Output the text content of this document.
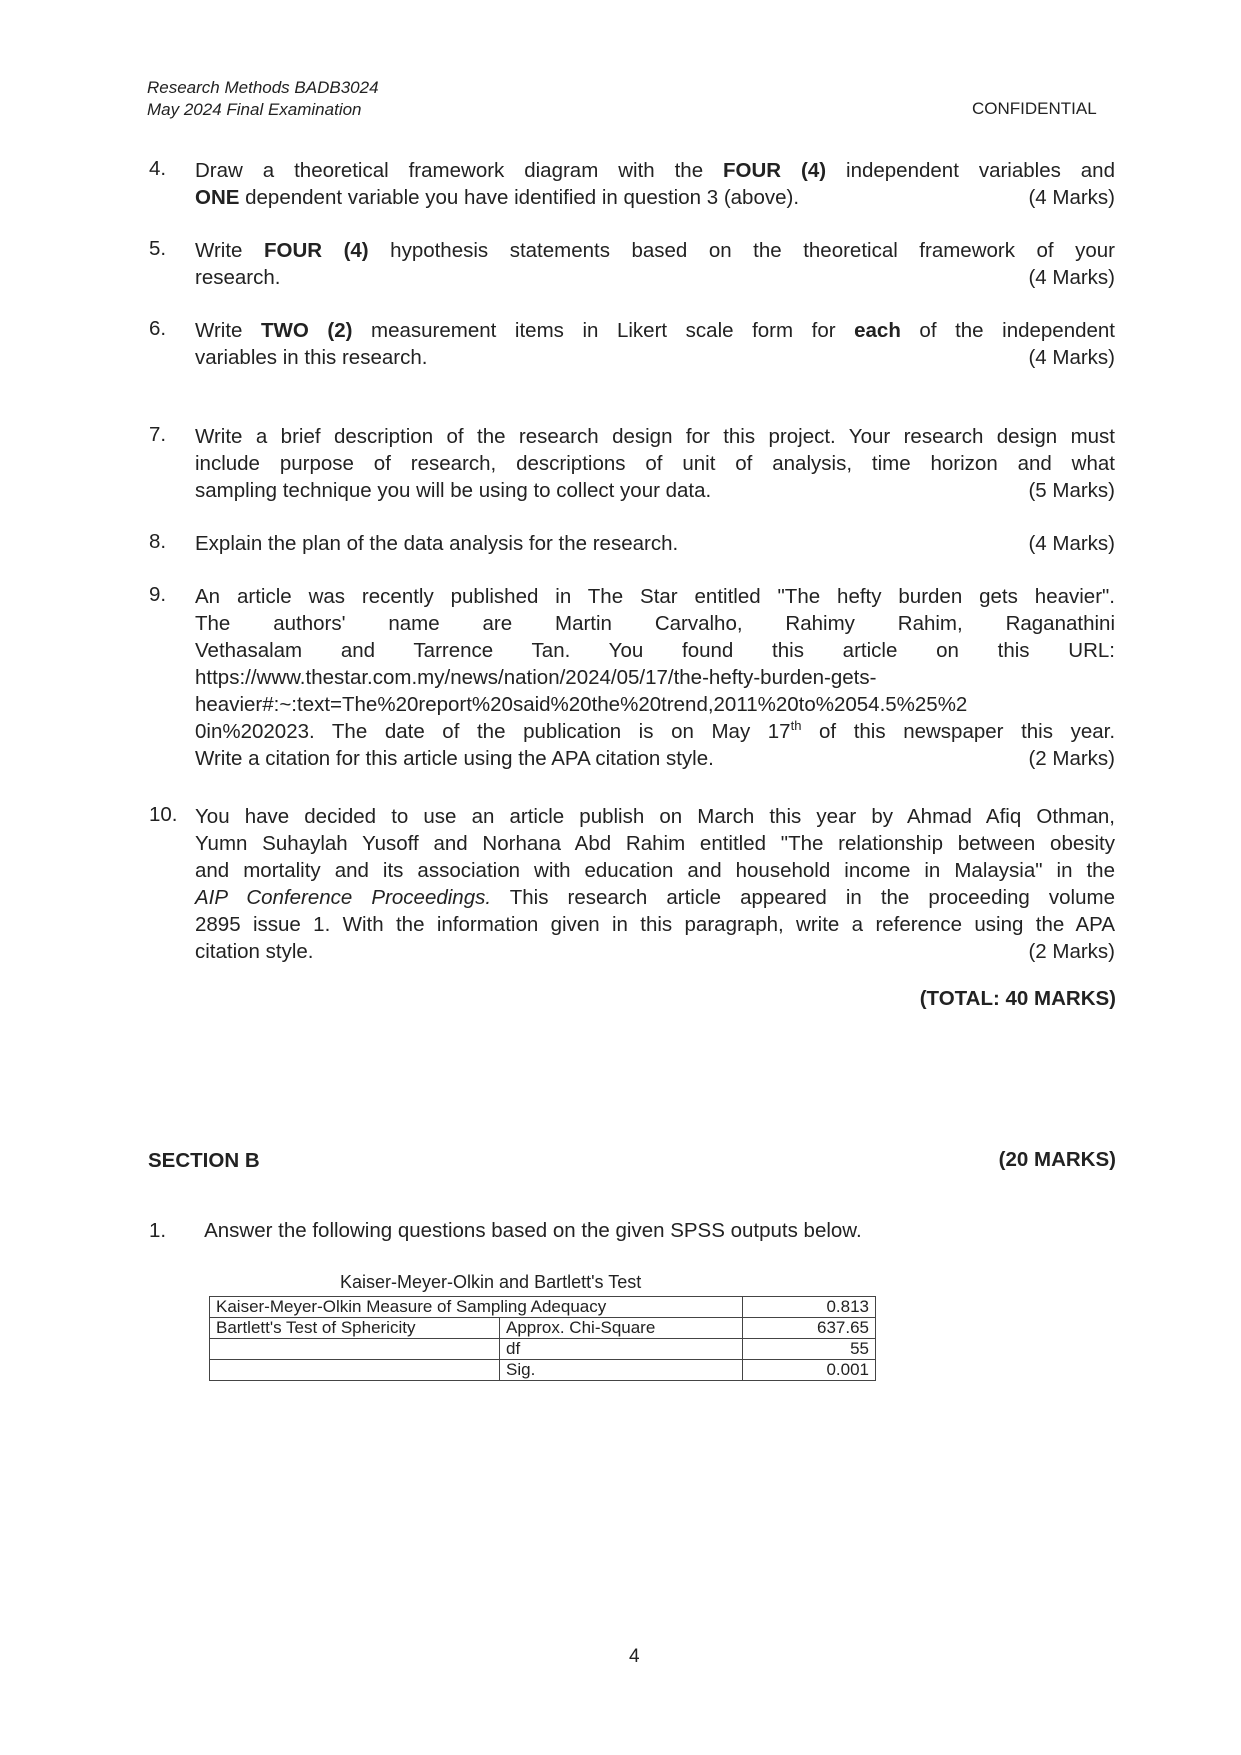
Research Methods BADB3024
May 2024 Final Examination	CONFIDENTIAL
4. Draw a theoretical framework diagram with the FOUR (4) independent variables and
ONE dependent variable you have identified in question 3 (above).	(4 Marks)
5. Write FOUR (4) hypothesis statements based on the theoretical framework of your
research.	(4 Marks)
6. Write TWO (2) measurement items in Likert scale form for each of the independent
variables in this research.	(4 Marks)
7. Write a brief description of the research design for this project. Your research design must
include purpose of research, descriptions of unit of analysis, time horizon and what
sampling technique you will be using to collect your data.	(5 Marks)
8. Explain the plan of the data analysis for the research.	(4 Marks)
9. An article was recently published in The Star entitled "The hefty burden gets heavier".
The authors' name are Martin Carvalho, Rahimy Rahim, Raganathini
Vethasalam and Tarrence Tan. You found this article on this URL:
https://www.thestar.com.my/news/nation/2024/05/17/the-hefty-burden-gets-
heavier#:~:text=The%20report%20said%20the%20trend,2011%20to%2054.5%25%2
0in%202023. The date of the publication is on May 17th of this newspaper this year.
Write a citation for this article using the APA citation style.	(2 Marks)
10. You have decided to use an article publish on March this year by Ahmad Afiq Othman,
Yumn Suhaylah Yusoff and Norhana Abd Rahim entitled "The relationship between obesity
and mortality and its association with education and household income in Malaysia" in the
AIP Conference Proceedings. This research article appeared in the proceeding volume
2895 issue 1. With the information given in this paragraph, write a reference using the APA
citation style.	(2 Marks)
(TOTAL: 40 MARKS)
SECTION B	(20 MARKS)
1. Answer the following questions based on the given SPSS outputs below.
Kaiser-Meyer-Olkin and Bartlett's Test
Kaiser-Meyer-Olkin Measure of Sampling Adequacy		0.813
Bartlett's Test of Sphericity	Approx. Chi-Square	637.65
	df	55
	Sig.	0.001
4
